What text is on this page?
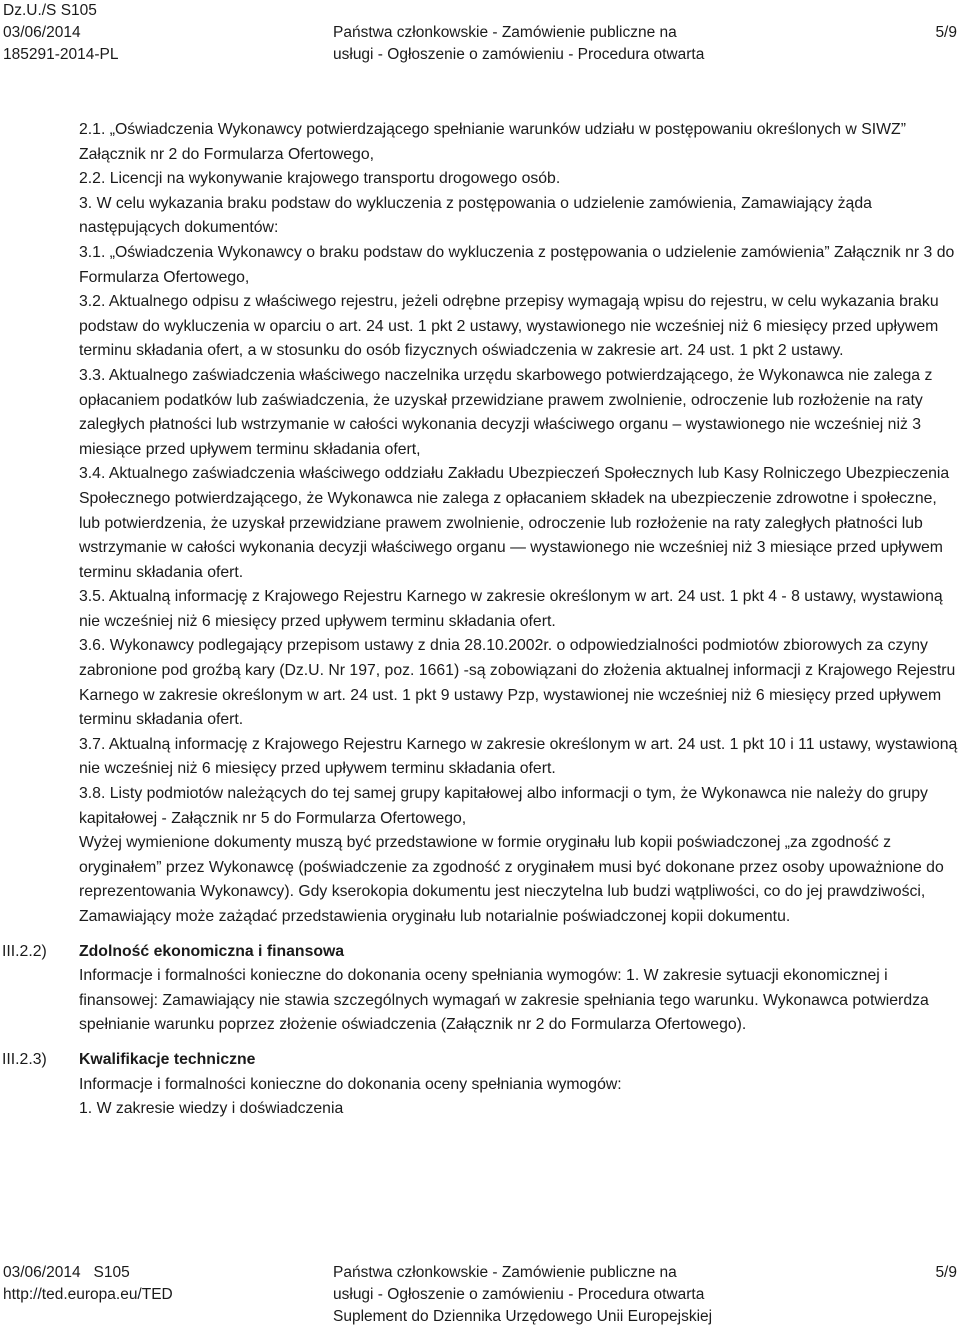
Dz.U./S S105
03/06/2014
185291-2014-PL
Państwa członkowskie - Zamówienie publiczne na
usługi - Ogłoszenie o zamówieniu - Procedura otwarta
5/9

2.1. „Oświadczenia Wykonawcy potwierdzającego spełnianie warunków udziału w postępowaniu określonych w SIWZ” Załącznik nr 2 do Formularza Ofertowego,

2.2. Licencji na wykonywanie krajowego transportu drogowego osób.

3. W celu wykazania braku podstaw do wykluczenia z postępowania o udzielenie zamówienia, Zamawiający żąda następujących dokumentów:

3.1. „Oświadczenia Wykonawcy o braku podstaw do wykluczenia z postępowania o udzielenie zamówienia” Załącznik nr 3 do Formularza Ofertowego,

3.2. Aktualnego odpisu z właściwego rejestru, jeżeli odrębne przepisy wymagają wpisu do rejestru, w celu wykazania braku podstaw do wykluczenia w oparciu o art. 24 ust. 1 pkt 2 ustawy, wystawionego nie wcześniej niż 6 miesięcy przed upływem terminu składania ofert, a w stosunku do osób fizycznych oświadczenia w zakresie art. 24 ust. 1 pkt 2 ustawy.

3.3. Aktualnego zaświadczenia właściwego naczelnika urzędu skarbowego potwierdzającego, że Wykonawca nie zalega z opłacaniem podatków lub zaświadczenia, że uzyskał przewidziane prawem zwolnienie, odroczenie lub rozłożenie na raty zaległych płatności lub wstrzymanie w całości wykonania decyzji właściwego organu – wystawionego nie wcześniej niż 3 miesiące przed upływem terminu składania ofert,

3.4. Aktualnego zaświadczenia właściwego oddziału Zakładu Ubezpieczeń Społecznych lub Kasy Rolniczego Ubezpieczenia Społecznego potwierdzającego, że Wykonawca nie zalega z opłacaniem składek na ubezpieczenie zdrowotne i społeczne, lub potwierdzenia, że uzyskał przewidziane prawem zwolnienie, odroczenie lub rozłożenie na raty zaległych płatności lub wstrzymanie w całości wykonania decyzji właściwego organu — wystawionego nie wcześniej niż 3 miesiące przed upływem terminu składania ofert.

3.5. Aktualną informację z Krajowego Rejestru Karnego w zakresie określonym w art. 24 ust. 1 pkt 4 - 8 ustawy, wystawioną nie wcześniej niż 6 miesięcy przed upływem terminu składania ofert.

3.6. Wykonawcy podlegający przepisom ustawy z dnia 28.10.2002r. o odpowiedzialności podmiotów zbiorowych za czyny zabronione pod groźbą kary (Dz.U. Nr 197, poz. 1661) -są zobowiązani do złożenia aktualnej informacji z Krajowego Rejestru Karnego w zakresie określonym w art. 24 ust. 1 pkt 9 ustawy Pzp, wystawionej nie wcześniej niż 6 miesięcy przed upływem terminu składania ofert.

3.7. Aktualną informację z Krajowego Rejestru Karnego w zakresie określonym w art. 24 ust. 1 pkt 10 i 11 ustawy, wystawioną nie wcześniej niż 6 miesięcy przed upływem terminu składania ofert.

3.8. Listy podmiotów należących do tej samej grupy kapitałowej albo informacji o tym, że Wykonawca nie należy do grupy kapitałowej - Załącznik nr 5 do Formularza Ofertowego,

Wyżej wymienione dokumenty muszą być przedstawione w formie oryginału lub kopii poświadczonej „za zgodność z oryginałem” przez Wykonawcę (poświadczenie za zgodność z oryginałem musi być dokonane przez osoby upoważnione do reprezentowania Wykonawcy). Gdy kserokopia dokumentu jest nieczytelna lub budzi wątpliwości, co do jej prawdziwości, Zamawiający może zażądać przedstawienia oryginału lub notarialnie poświadczonej kopii dokumentu.

III.2.2) Zdolność ekonomiczna i finansowa

Informacje i formalności konieczne do dokonania oceny spełniania wymogów: 1. W zakresie sytuacji ekonomicznej i finansowej: Zamawiający nie stawia szczególnych wymagań w zakresie spełniania tego warunku. Wykonawca potwierdza spełnianie warunku poprzez złożenie oświadczenia (Załącznik nr 2 do Formularza Ofertowego).

III.2.3) Kwalifikacje techniczne

Informacje i formalności konieczne do dokonania oceny spełniania wymogów:

1. W zakresie wiedzy i doświadczenia

03/06/2014 S105
http://ted.europa.eu/TED
Państwa członkowskie - Zamówienie publiczne na
usługi - Ogłoszenie o zamówieniu - Procedura otwarta
Suplement do Dziennika Urzędowego Unii Europejskiej
5/9
